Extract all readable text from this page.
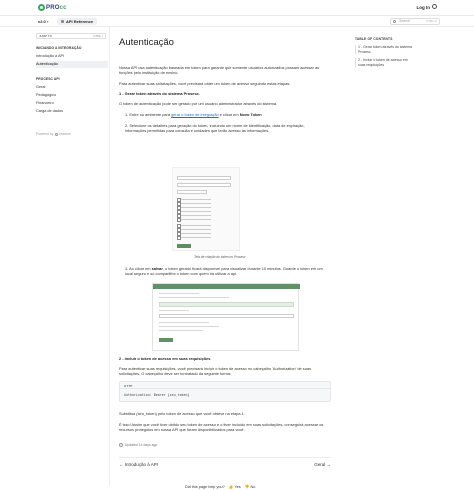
PROcc	Log In
v2.0▾	API Reference	Search	CTRL-K
JUMP TO	CTRL-/
INICIANDO A INTEGRAÇÃO
Introdução à API
Autenticação
PROCESC API
Geral
Pedagógico
Financeiro
Carga de dados
Powered by readme
Autenticação

Nossa API usa autenticação baseada em token para garantir que somente usuários autorizados possam acessar as funções pelo instituição de ensino.

Para autenticar suas solicitações, você precisará obter um token de acesso seguindo estas etapas:

1 - Gerar token através do sistema Prosesc.

O token de autenticação pode ser gerado por um usuário administrador através do sistema.

1. Entre no ambiente para gerar o token de integração e clicar em Novo Token

2. Selecione os detalhes para geração do token, incluindo um nome de identificação, data de expiração, informações permitidas para consulta e unidades que terão acesso às informações.

Tela de criação do token no Prosesc

3. Ao clicar em salvar, o token gerado ficará disponível para visualizar durante 10 minutos. Guarde o token em um local seguro e só compartilhe o token com quem irá utilizar a api.

2 - Incluir o token de acesso em suas requisições

Para autenticar suas requisições, você precisará incluir o token de acesso no cabeçalho 'Authorization' de suas solicitações. O cabeçalho deve ser formatado da seguinte forma:

HTTP
Authorization: Bearer {seu_token}

Substitua {seu_token} pelo token de acesso que você obteve na etapa 1.

É isso! Assim que você tiver obtido seu token de acesso e o tiver incluído em suas solicitações, conseguirá acessar os recursos protegidos em nossa API que foram disponibilizados para você.

Updated 14 days ago
← Introdução à API	Geral →
Did this page help you? 👍Yes 👎No
TABLE OF CONTENTS
1 - Gerar token através do sistema Prosesc.
2 - Incluir o token de acesso em suas requisições
